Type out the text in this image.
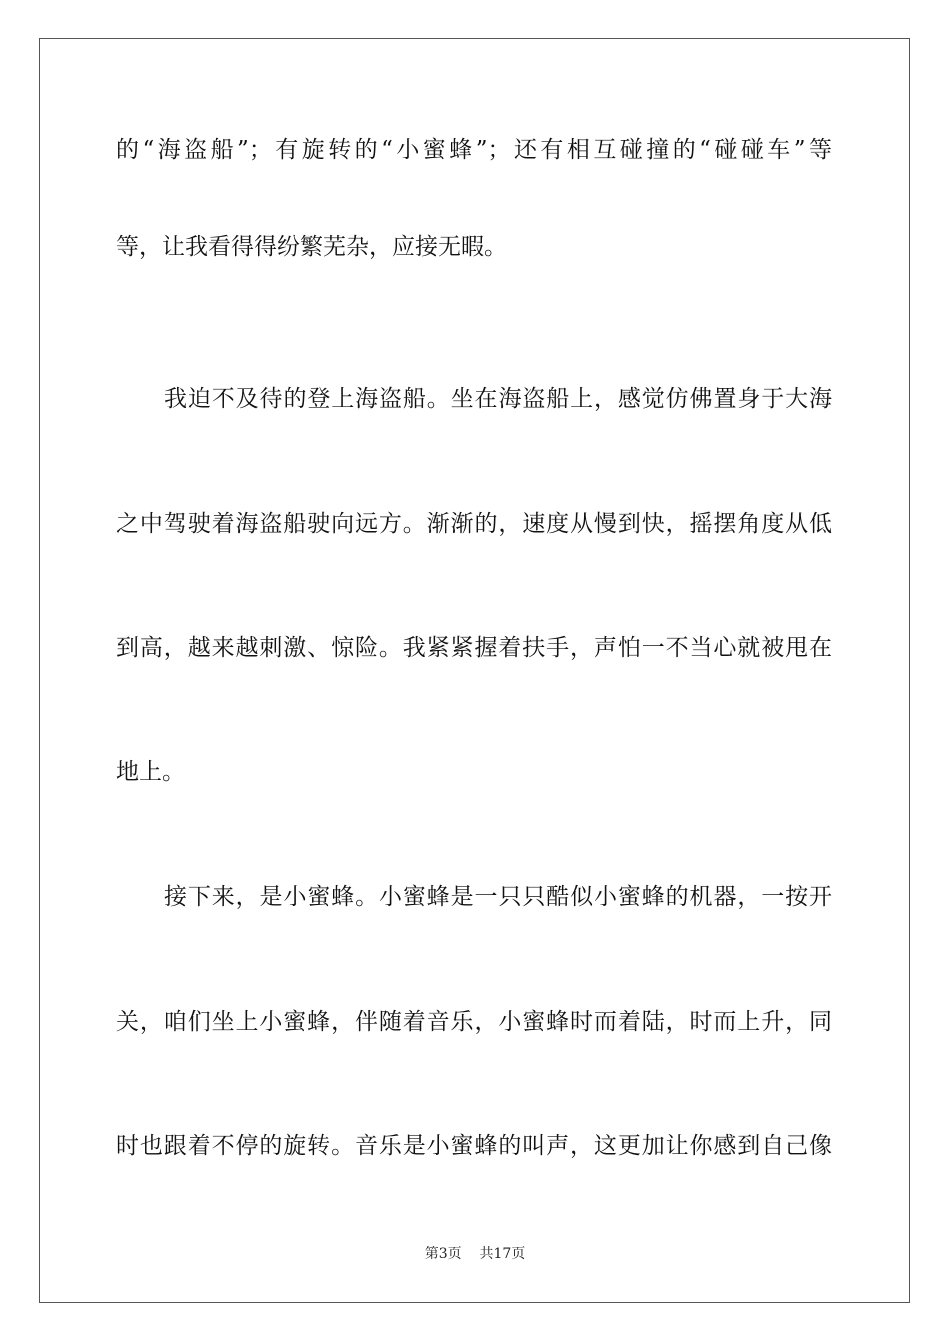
的“海盗船”；有旋转的“小蜜蜂”；还有相互碰撞的“碰碰车”等
等，让我看得得纷繁芜杂，应接无暇。
我迫不及待的登上海盗船。坐在海盗船上，感觉仿佛置身于大海
之中驾驶着海盗船驶向远方。渐渐的，速度从慢到快，摇摆角度从低
到高，越来越刺激、惊险。我紧紧握着扶手，声怕一不当心就被甩在
地上。
接下来，是小蜜蜂。小蜜蜂是一只只酷似小蜜蜂的机器，一按开
关，咱们坐上小蜜蜂，伴随着音乐，小蜜蜂时而着陆，时而上升，同
时也跟着不停的旋转。音乐是小蜜蜂的叫声，这更加让你感到自己像
第3页 共17页
